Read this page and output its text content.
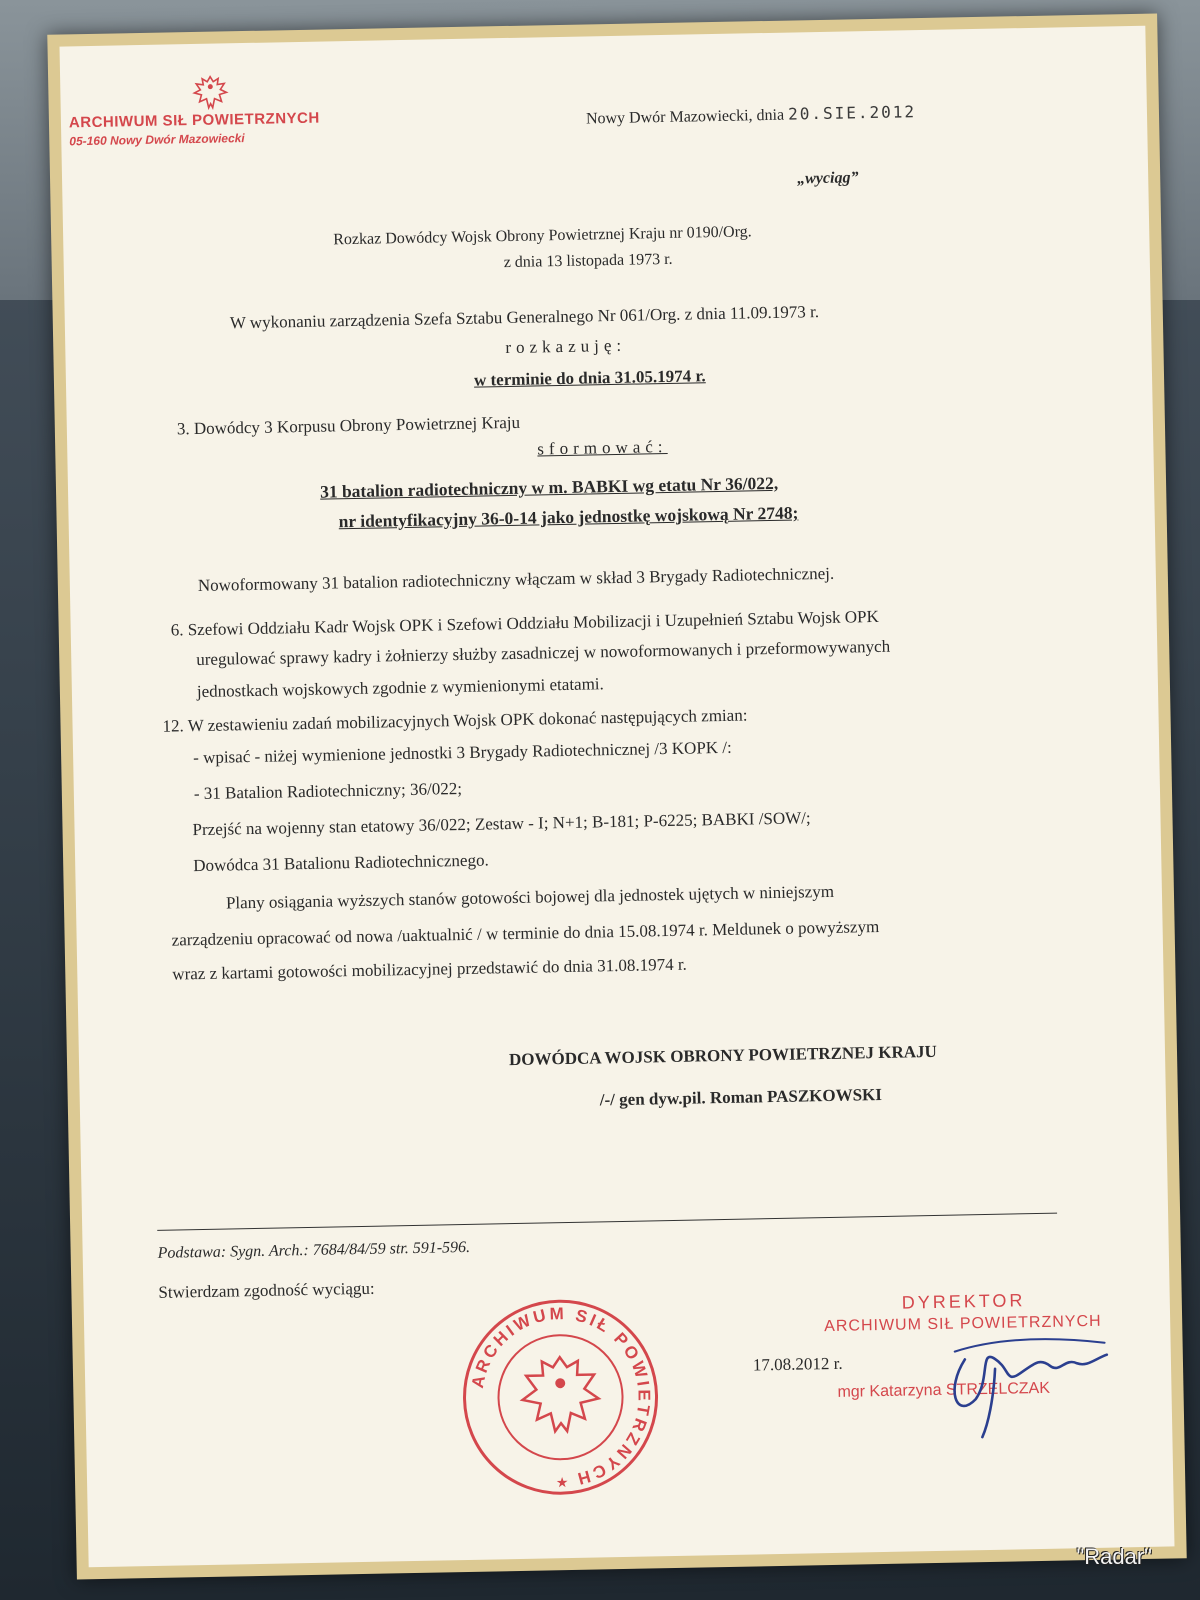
ARCHIWUM SIŁ POWIETRZNYCH
05-160 Nowy Dwór Mazowiecki
Nowy Dwór Mazowiecki, dnia 20.SIE.2012
„wyciąg”
Rozkaz Dowódcy Wojsk Obrony Powietrznej Kraju nr 0190/Org.
z dnia 13 listopada 1973 r.
W wykonaniu zarządzenia Szefa Sztabu Generalnego Nr 061/Org. z dnia 11.09.1973 r.
rozkazuję:
w terminie do dnia 31.05.1974 r.
3. Dowódcy 3 Korpusu Obrony Powietrznej Kraju
sformować:
31 batalion radiotechniczny w m. BABKI wg etatu Nr 36/022,
nr identyfikacyjny 36-0-14 jako jednostkę wojskową Nr 2748;
Nowoformowany 31 batalion radiotechniczny włączam w skład 3 Brygady Radiotechnicznej.
6. Szefowi Oddziału Kadr Wojsk OPK i Szefowi Oddziału Mobilizacji i Uzupełnień Sztabu Wojsk OPK
uregulować sprawy kadry i żołnierzy służby zasadniczej w nowoformowanych i przeformowywanych
jednostkach wojskowych zgodnie z wymienionymi etatami.
12. W zestawieniu zadań mobilizacyjnych Wojsk OPK dokonać następujących zmian:
- wpisać - niżej wymienione jednostki 3 Brygady Radiotechnicznej /3 KOPK /:
- 31 Batalion Radiotechniczny; 36/022;
Przejść na wojenny stan etatowy 36/022; Zestaw - I; N+1; B-181; P-6225; BABKI /SOW/;
Dowódca 31 Batalionu Radiotechnicznego.
Plany osiągania wyższych stanów gotowości bojowej dla jednostek ujętych w niniejszym
zarządzeniu opracować od nowa /uaktualnić / w terminie do dnia 15.08.1974 r. Meldunek o powyższym
wraz z kartami gotowości mobilizacyjnej przedstawić do dnia 31.08.1974 r.
DOWÓDCA WOJSK OBRONY POWIETRZNEJ KRAJU
/-/ gen dyw.pil. Roman PASZKOWSKI
Podstawa: Sygn. Arch.: 7684/84/59 str. 591-596.
Stwierdzam zgodność wyciągu:
ARCHIWUM SIŁ POWIETRZNYCH
★
DYREKTOR
ARCHIWUM SIŁ POWIETRZNYCH
mgr Katarzyna STRZELCZAK
17.08.2012 r.
"Radar"
